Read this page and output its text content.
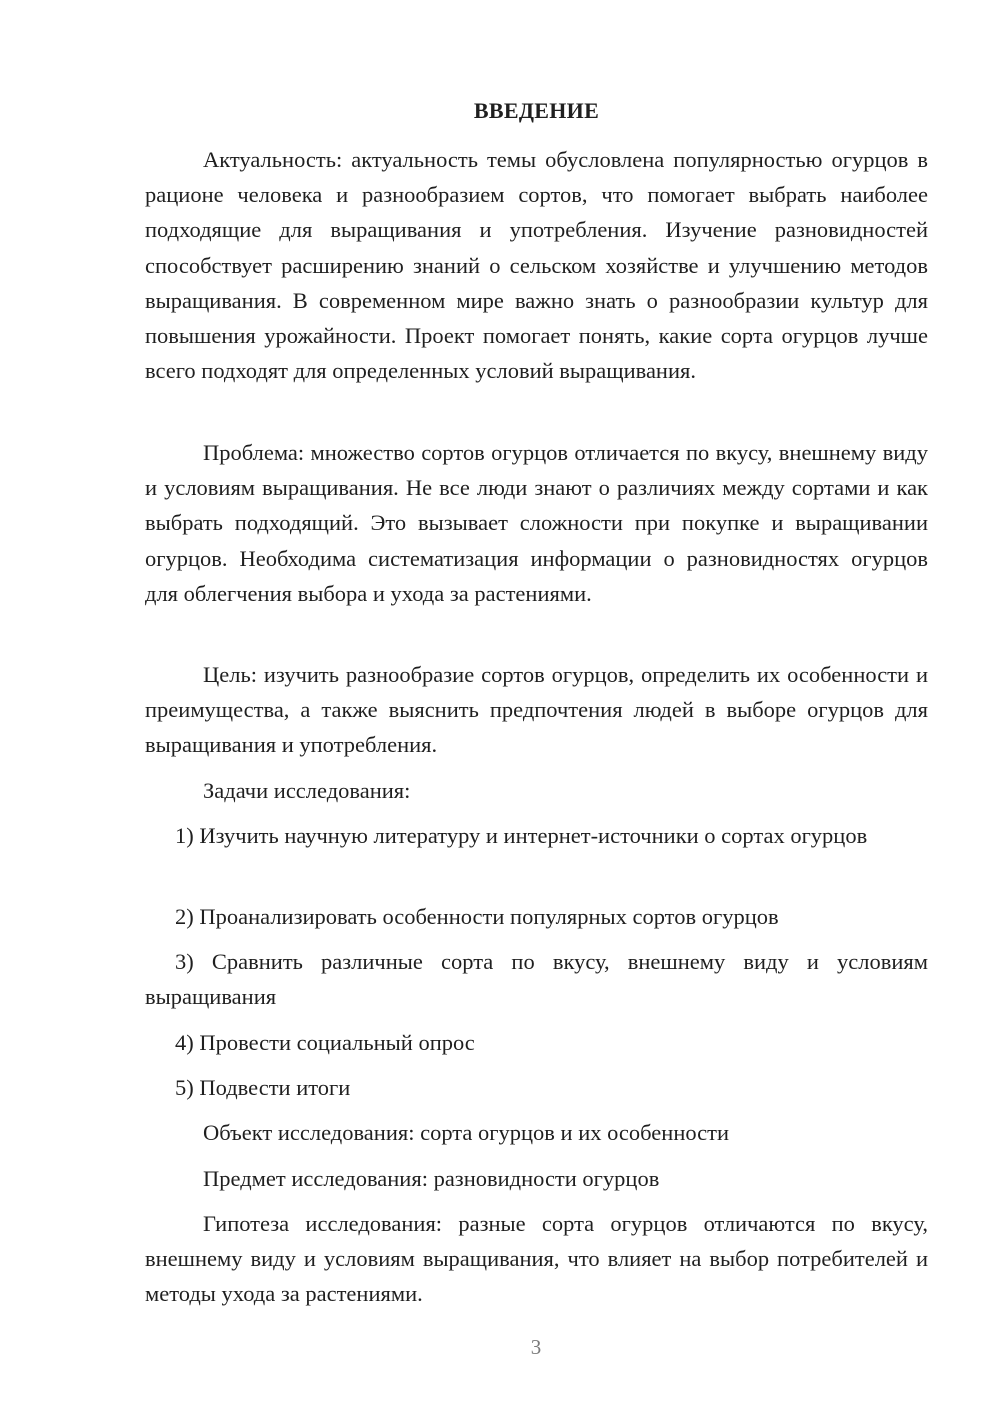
ВВЕДЕНИЕ

Актуальность: актуальность темы обусловлена популярностью огурцов в рационе человека и разнообразием сортов, что помогает выбрать наиболее подходящие для выращивания и употребления. Изучение разновидностей способствует расширению знаний о сельском хозяйстве и улучшению методов выращивания. В современном мире важно знать о разнообразии культур для повышения урожайности. Проект помогает понять, какие сорта огурцов лучше всего подходят для определенных условий выращивания.

Проблема: множество сортов огурцов отличается по вкусу, внешнему виду и условиям выращивания. Не все люди знают о различиях между сортами и как выбрать подходящий. Это вызывает сложности при покупке и выращивании огурцов. Необходима систематизация информации о разновидностях огурцов для облегчения выбора и ухода за растениями.

Цель: изучить разнообразие сортов огурцов, определить их особенности и преимущества, а также выяснить предпочтения людей в выборе огурцов для выращивания и употребления.

Задачи исследования:

1) Изучить научную литературу и интернет-источники о сортах огурцов

2) Проанализировать особенности популярных сортов огурцов

3) Сравнить различные сорта по вкусу, внешнему виду и условиям выращивания

4) Провести социальный опрос

5) Подвести итоги

Объект исследования: сорта огурцов и их особенности

Предмет исследования: разновидности огурцов

Гипотеза исследования: разные сорта огурцов отличаются по вкусу, внешнему виду и условиям выращивания, что влияет на выбор потребителей и методы ухода за растениями.

3
